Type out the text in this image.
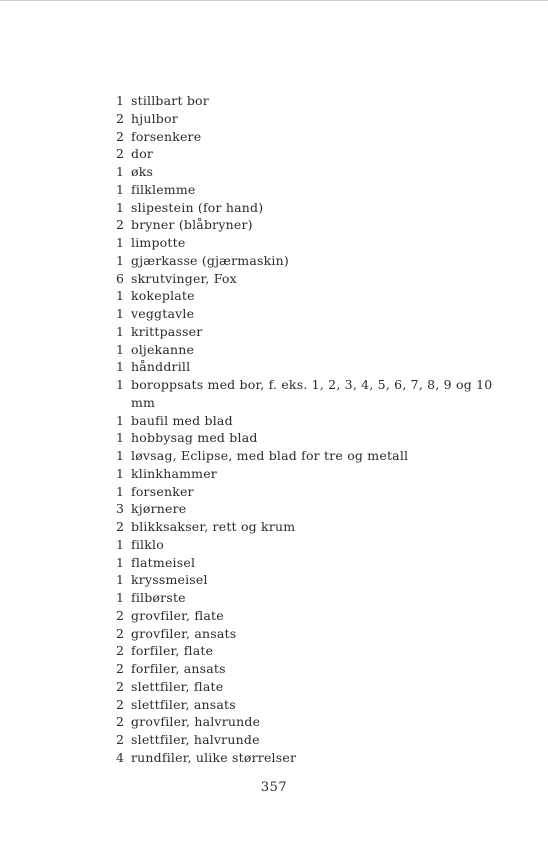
1 stillbart bor
2 hjulbor
2 forsenkere
2 dor
1 øks
1 filklemme
1 slipestein (for hand)
2 bryner (blåbryner)
1 limpotte
1 gjærkasse (gjærmaskin)
6 skrutvinger, Fox
1 kokeplate
1 veggtavle
1 krittpasser
1 oljekanne
1 hånddrill
1 boroppsats med bor, f. eks. 1, 2, 3, 4, 5, 6, 7, 8, 9 og 10 mm
1 baufil med blad
1 hobbysag med blad
1 løvsag, Eclipse, med blad for tre og metall
1 klinkhammer
1 forsenker
3 kjørnere
2 blikksakser, rett og krum
1 filklo
1 flatmeisel
1 kryssmeisel
1 filbørste
2 grovfiler, flate
2 grovfiler, ansats
2 forfiler, flate
2 forfiler, ansats
2 slettfiler, flate
2 slettfiler, ansats
2 grovfiler, halvrunde
2 slettfiler, halvrunde
4 rundfiler, ulike størrelser
357
